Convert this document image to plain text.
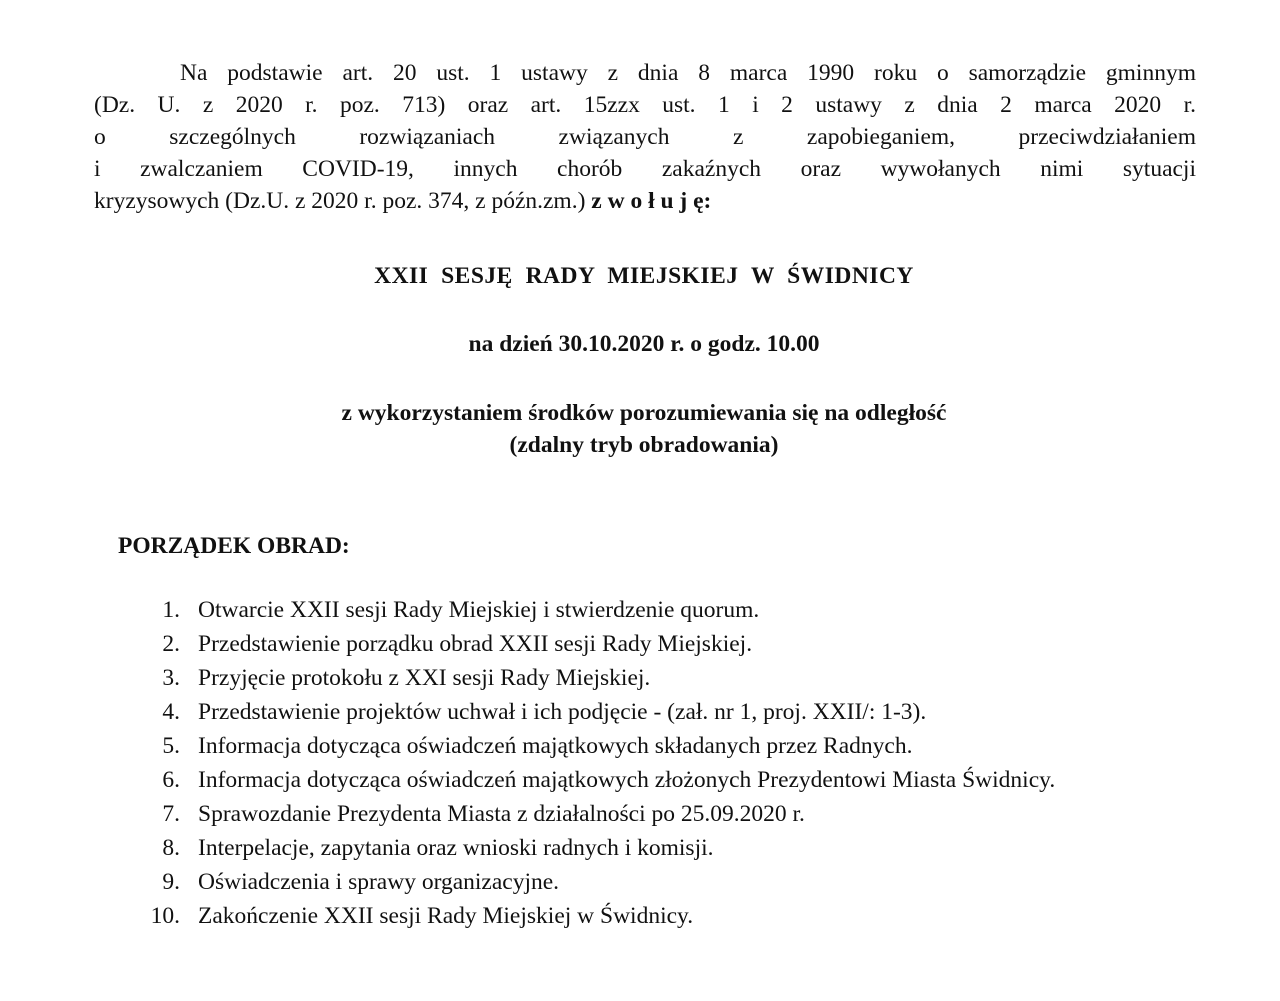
Na podstawie art. 20 ust. 1 ustawy z dnia 8 marca 1990 roku o samorządzie gminnym
(Dz. U. z 2020 r. poz. 713) oraz art. 15zzx ust. 1 i 2 ustawy z dnia 2 marca 2020 r.
o szczególnych rozwiązaniach związanych z zapobieganiem, przeciwdziałaniem
i zwalczaniem COVID-19, innych chorób zakaźnych oraz wywołanych nimi sytuacji
kryzysowych (Dz.U. z 2020 r. poz. 374, z późn.zm.) z w o ł u j ę:
XXII  SESJĘ  RADY  MIEJSKIEJ  W  ŚWIDNICY
na dzień 30.10.2020 r. o godz. 10.00
z wykorzystaniem środków porozumiewania się na odległość
(zdalny tryb obradowania)
PORZĄDEK OBRAD:
1. Otwarcie XXII sesji Rady Miejskiej i stwierdzenie quorum.
2. Przedstawienie porządku obrad XXII sesji Rady Miejskiej.
3. Przyjęcie protokołu z XXI sesji Rady Miejskiej.
4. Przedstawienie projektów uchwał i ich podjęcie - (zał. nr 1, proj. XXII/: 1-3).
5. Informacja dotycząca oświadczeń majątkowych składanych przez Radnych.
6. Informacja dotycząca oświadczeń majątkowych złożonych Prezydentowi Miasta Świdnicy.
7. Sprawozdanie Prezydenta Miasta z działalności po 25.09.2020 r.
8. Interpelacje, zapytania oraz wnioski radnych i komisji.
9. Oświadczenia i sprawy organizacyjne.
10. Zakończenie XXII sesji Rady Miejskiej w Świdnicy.
